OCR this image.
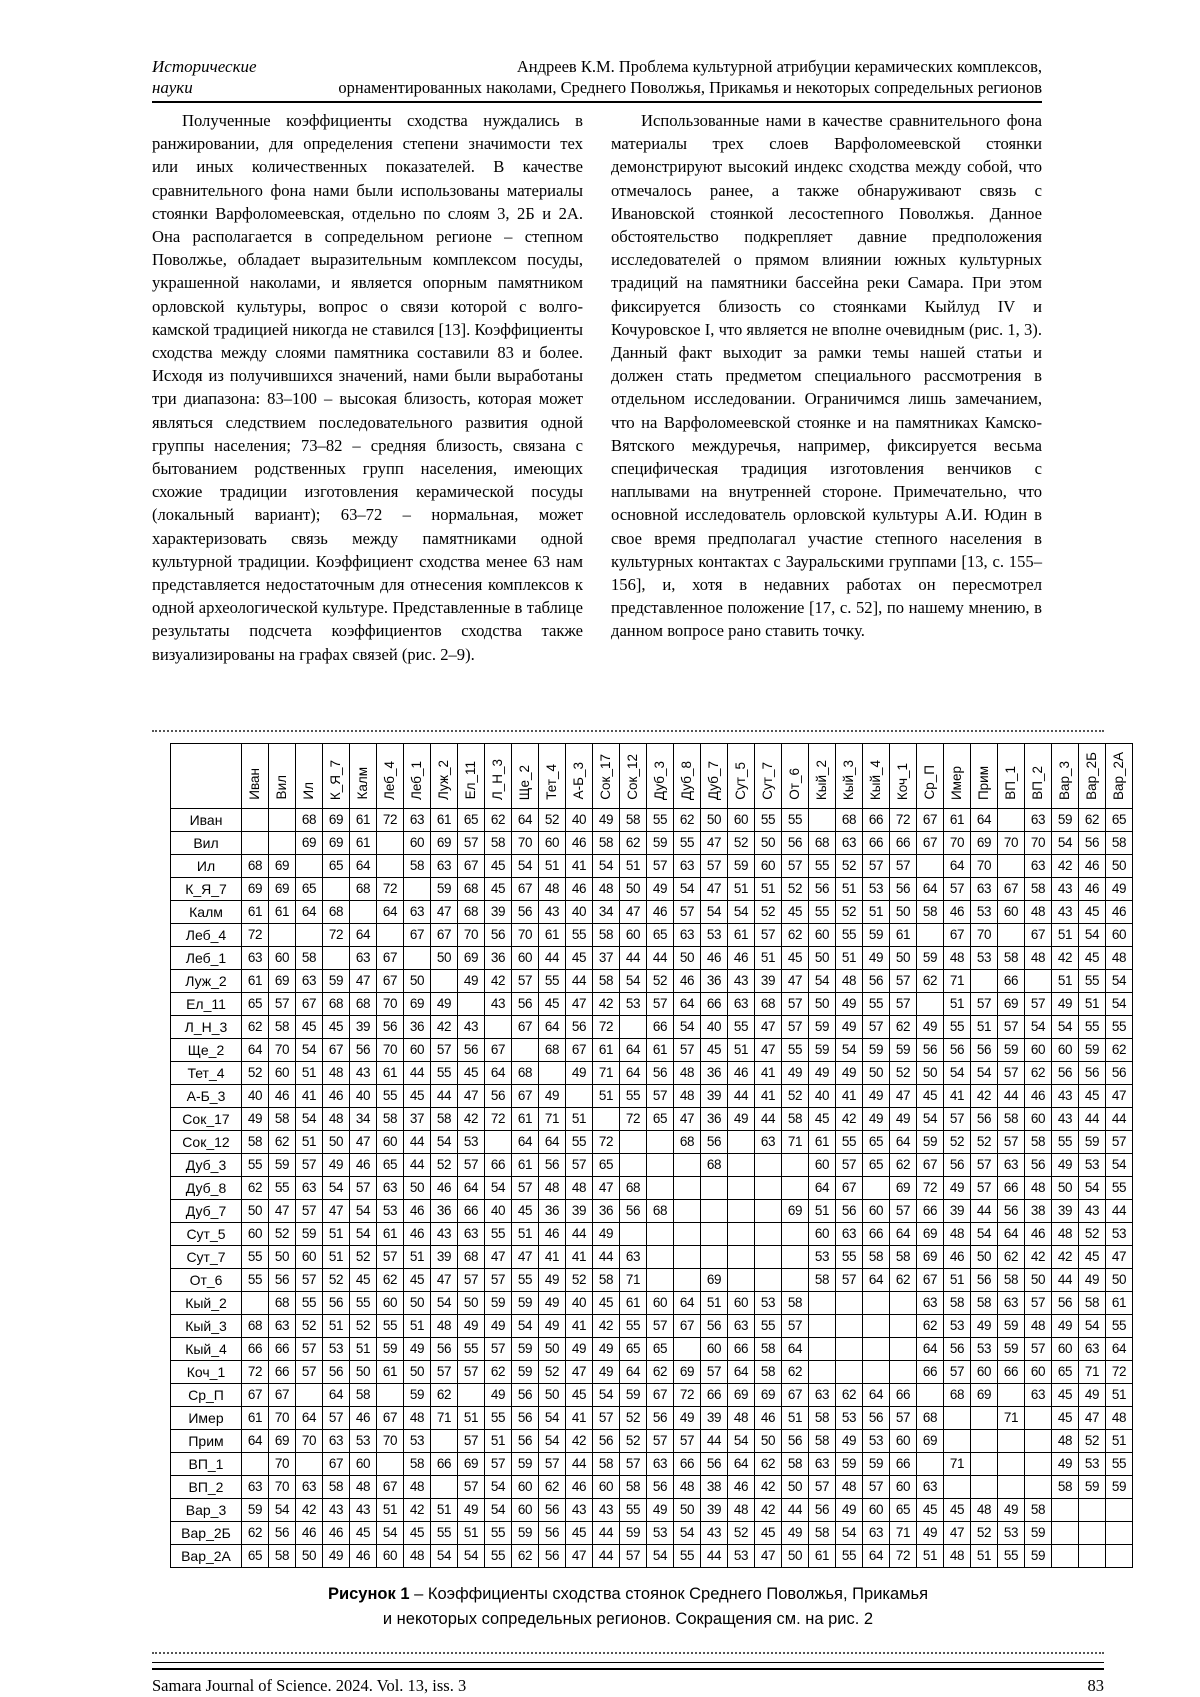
Исторические
науки
Андреев К.М. Проблема культурной атрибуции керамических комплексов,
орнаментированных наколами, Среднего Поволжья, Прикамья и некоторых сопредельных регионов

Полученные коэффициенты сходства нуждались в ранжировании, для определения степени значимости тех или иных количественных показателей. В качестве сравнительного фона нами были использованы материалы стоянки Варфоломеевская, отдельно по слоям 3, 2Б и 2А. Она располагается в сопредельном регионе – степном Поволжье, обладает выразительным комплексом посуды, украшенной наколами, и является опорным памятником орловской культуры, вопрос о связи которой с волго-камской традицией никогда не ставился [13]. Коэффициенты сходства между слоями памятника составили 83 и более. Исходя из получившихся значений, нами были выработаны три диапазона: 83–100 – высокая близость, которая может являться следствием последовательного развития одной группы населения; 73–82 – средняя близость, связана с бытованием родственных групп населения, имеющих схожие традиции изготовления керамической посуды (локальный вариант); 63–72 – нормальная, может характеризовать связь между памятниками одной культурной традиции. Коэффициент сходства менее 63 нам представляется недостаточным для отнесения комплексов к одной археологической культуре. Представленные в таблице результаты подсчета коэффициентов сходства также визуализированы на графах связей (рис. 2–9).

Использованные нами в качестве сравнительного фона материалы трех слоев Варфоломеевской стоянки демонстрируют высокий индекс сходства между собой, что отмечалось ранее, а также обнаруживают связь с Ивановской стоянкой лесостепного Поволжья. Данное обстоятельство подкрепляет давние предположения исследователей о прямом влиянии южных культурных традиций на памятники бассейна реки Самара. При этом фиксируется близость со стоянками Кыйлуд IV и Кочуровское I, что является не вполне очевидным (рис. 1, 3). Данный факт выходит за рамки темы нашей статьи и должен стать предметом специального рассмотрения в отдельном исследовании. Ограничимся лишь замечанием, что на Варфоломеевской стоянке и на памятниках Камско-Вятского междуречья, например, фиксируется весьма специфическая традиция изготовления венчиков с наплывами на внутренней стороне. Примечательно, что основной исследователь орловской культуры А.И. Юдин в свое время предполагал участие степного населения в культурных контактах с Зауральскими группами [13, с. 155–156], и, хотя в недавних работах он пересмотрел представленное положение [17, с. 52], по нашему мнению, в данном вопросе рано ставить точку.

	Иван	Вил	Ил	К_Я_7	Калм	Леб_4	Леб_1	Луж_2	Ел_11	Л_Н_3	Ще_2	Тет_4	А-Б_3	Сок_17	Сок_12	Дуб_3	Дуб_8	Дуб_7	Сут_5	Сут_7	От_6	Кый_2	Кый_3	Кый_4	Коч_1	Ср_П	Имер	Прим	ВП_1	ВП_2	Вар_3	Вар_2Б	Вар_2А
Иван		79	68	69	61	72	63	61	65	62	64	52	40	49	58	55	62	50	60	55	55	74	68	66	72	67	61	64	73	63	59	62	65
Вил	79		69	69	61	80	60	69	57	58	70	60	46	58	62	59	55	47	52	50	56	68	63	66	66	67	70	69	70	70	54	56	58
Ил	68	69		65	64	75	58	63	67	45	54	51	41	54	51	57	63	57	59	60	57	55	52	57	57	77	64	70	77	63	42	46	50
К_Я_7	69	69	65		68	72	74	59	68	45	67	48	46	48	50	49	54	47	51	51	52	56	51	53	56	64	57	63	67	58	43	46	49
Калм	61	61	64	68		64	63	47	68	39	56	43	40	34	47	46	57	54	54	52	45	55	52	51	50	58	46	53	60	48	43	45	46
Леб_4	72	80	75	72	64		67	67	70	56	70	61	55	58	60	65	63	53	61	57	62	60	55	59	61	74	67	70	75	67	51	54	60
Леб_1	63	60	58	74	63	67		50	69	36	60	44	45	37	44	44	50	46	46	51	45	50	51	49	50	59	48	53	58	48	42	45	48
Луж_2	61	69	63	59	47	67	50		49	42	57	55	44	58	54	52	46	36	43	39	47	54	48	56	57	62	71	74	66	76	51	55	54
Ел_11	65	57	67	68	68	70	69	49		43	56	45	47	42	53	57	64	66	63	68	57	50	49	55	57	73	51	57	69	57	49	51	54
Л_Н_3	62	58	45	45	39	56	36	42	43		67	64	56	72	73	66	54	40	55	47	57	59	49	57	62	49	55	51	57	54	54	55	55
Ще_2	64	70	54	67	56	70	60	57	56	67		68	67	61	64	61	57	45	51	47	55	59	54	59	59	56	56	56	59	60	60	59	62
Тет_4	52	60	51	48	43	61	44	55	45	64	68		49	71	64	56	48	36	46	41	49	49	49	50	52	50	54	54	57	62	56	56	56
А-Б_3	40	46	41	46	40	55	45	44	47	56	67	49		51	55	57	48	39	44	41	52	40	41	49	47	45	41	42	44	46	43	45	47
Сок_17	49	58	54	48	34	58	37	58	42	72	61	71	51		72	65	47	36	49	44	58	45	42	49	49	54	57	56	58	60	43	44	44
Сок_12	58	62	51	50	47	60	44	54	53	73	64	64	55	72		78	68	56	73	63	71	61	55	65	64	59	52	52	57	58	55	59	57
Дуб_3	55	59	57	49	46	65	44	52	57	66	61	56	57	65	78		76	68	78	77	86	60	57	65	62	67	56	57	63	56	49	53	54
Дуб_8	62	55	63	54	57	63	50	46	64	54	57	48	48	47	68	76		77	87	78	78	64	67	73	69	72	49	57	66	48	50	54	55
Дуб_7	50	47	57	47	54	53	46	36	66	40	45	36	39	36	56	68	77		77	82	69	51	56	60	57	66	39	44	56	38	39	43	44
Сут_5	60	52	59	51	54	61	46	43	63	55	51	46	44	49	73	78	87	77		85	80	60	63	66	64	69	48	54	64	46	48	52	53
Сут_7	55	50	60	51	52	57	51	39	68	47	47	41	41	44	63	77	78	82	85		77	53	55	58	58	69	46	50	62	42	42	45	47
От_6	55	56	57	52	45	62	45	47	57	57	55	49	52	58	71	86	78	69	80	77		58	57	64	62	67	51	56	58	50	44	49	50
Кый_2	74	68	55	56	55	60	50	54	50	59	59	49	40	45	61	60	64	51	60	53	58		77	73	80	63	58	58	63	57	56	58	61
Кый_3	68	63	52	51	52	55	51	48	49	49	54	49	41	42	55	57	67	56	63	55	57	77		82	76	62	53	49	59	48	49	54	55
Кый_4	66	66	57	53	51	59	49	56	55	57	59	50	49	49	65	65	73	60	66	58	64	73	82		82	64	56	53	59	57	60	63	64
Коч_1	72	66	57	56	50	61	50	57	57	62	59	52	47	49	64	62	69	57	64	58	62	80	76	82		66	57	60	66	60	65	71	72
Ср_П	67	67	77	64	58	74	59	62	73	49	56	50	45	54	59	67	72	66	69	69	67	63	62	64	66		68	69	79	63	45	49	51
Имер	61	70	64	57	46	67	48	71	51	55	56	54	41	57	52	56	49	39	48	46	51	58	53	56	57	68		81	71	76	45	47	48
Прим	64	69	70	63	53	70	53	74	57	51	56	54	42	56	52	57	57	44	54	50	56	58	49	53	60	69	81		78	77	48	52	51
ВП_1	73	70	77	67	60	75	58	66	69	57	59	57	44	58	57	63	66	56	64	62	58	63	59	59	66	79	71	78		73	49	53	55
ВП_2	63	70	63	58	48	67	48	76	57	54	60	62	46	60	58	56	48	38	46	42	50	57	48	57	60	63	76	77	73		58	59	59
Вар_3	59	54	42	43	43	51	42	51	49	54	60	56	43	43	55	49	50	39	48	42	44	56	49	60	65	45	45	48	49	58		87	83
Вар_2Б	62	56	46	46	45	54	45	55	51	55	59	56	45	44	59	53	54	43	52	45	49	58	54	63	71	49	47	52	53	59	87		89
Вар_2А	65	58	50	49	46	60	48	54	54	55	62	56	47	44	57	54	55	44	53	47	50	61	55	64	72	51	48	51	55	59	83	89	
Рисунок 1 – Коэффициенты сходства стоянок Среднего Поволжья, Прикамья
и некоторых сопредельных регионов. Сокращения см. на рис. 2
Samara Journal of Science. 2024. Vol. 13, iss. 3	83
